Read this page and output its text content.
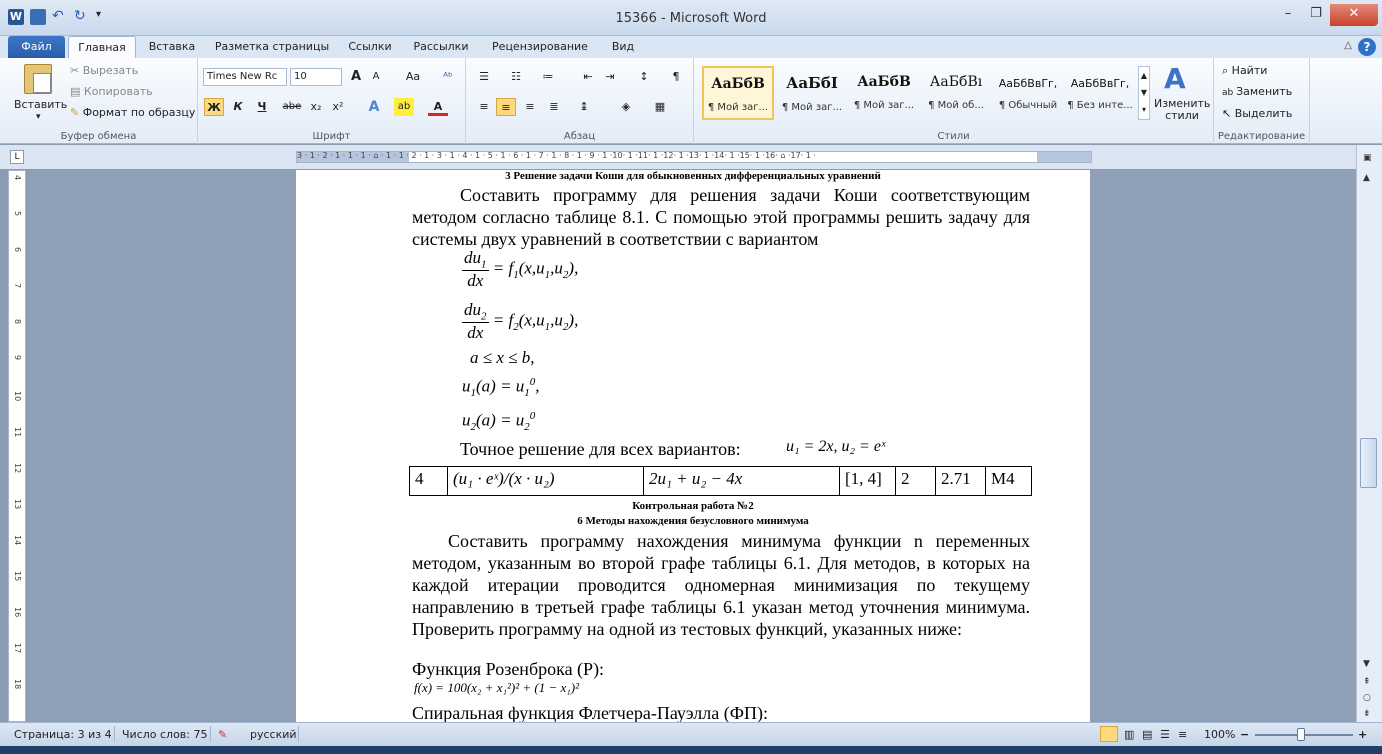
W ↶ ↻	▾	15366 - Microsoft Word	–	❐	✕
Файл	Главная	Вставка	Разметка страницы	Ссылки	Рассылки	Рецензирование	Вид	△ ?
Вставить
▾
✂ Вырезать
▤ Копировать
✎ Формат по образцу
Буфер обмена
Times New Rc	10	A	A	Aa	ᴬᵇ
Ж	К	Ч	abe x₂	x²	A	ab	A
Шрифт
☰	☷	≔	⇤	⇥	↕	¶
≡	≡	≡	≣	↨	◈	▦
Абзац
АаБбВ
¶ Мой заг...
АаБбI
¶ Мой заг...
АаБбВ
¶ Мой заг...
АаБбВı
¶ Мой об...
АаБбВвГг,
¶ Обычный
АаБбВвГг,
¶ Без инте...
▲
▼
▾
A
Изменить стили
Стили
⌕ Найти
ab Заменить
↖ Выделить
Редактирование
L	3 · 1 · 2 · 1 · 1 · 1 · ⌂ · 1 · 1 · 2 · 1 · 3 · 1 · 4 · 1 · 5 · 1 · 6 · 1 · 7 · 1 · 8 · 1 · 9 · 1 ·10· 1 ·11· 1 ·12· 1 ·13· 1 ·14· 1 ·15· 1 ·16· ⌂ ·17· 1 ·
4
5
6
7
8
9
10
11
12
13
14
15
16
17
18
3 Решение задачи Коши для обыкновенных дифференциальных уравнений
Составить программу для решения задачи Коши соответствующим методом согласно таблице 8.1. С помощью этой программы решить задачу для системы двух уравнений в соответствии с вариантом
$\frac{du_1}{dx} = f_1(x,u_1,u_2)$,
$\frac{du_2}{dx} = f_2(x,u_1,u_2)$,
a ≤ x ≤ b,
$u_1(a) = u_1^0$,
$u_2(a) = u_2^0$
Точное решение для всех вариантов:	u₁ = 2x, u₂ = eˣ
4	(u₁ · eˣ)/(x · u₂)	2u₁ + u₂ − 4x	[1, 4]	2	2.71	M4
Контрольная работа №2
6 Методы нахождения безусловного минимума
Составить программу нахождения минимума функции n переменных методом, указанным во второй графе таблицы 6.1. Для методов, в которых на каждой итерации проводится одномерная минимизация по текущему направлению в третьей графе таблицы 6.1 указан метод уточнения минимума. Проверить программу на одной из тестовых функций, указанных ниже:
Функция Розенброка (Р):
f(x) = 100(x₂ + x₁²)² + (1 − x₁)²
Спиральная функция Флетчера-Пауэлла (ФП):
▣
▲
▼
⇞
○
⇟
Страница: 3 из 4 Число слов: 75 ✎ русский	▥ ▤ ☰ ≡ 100% −	+
